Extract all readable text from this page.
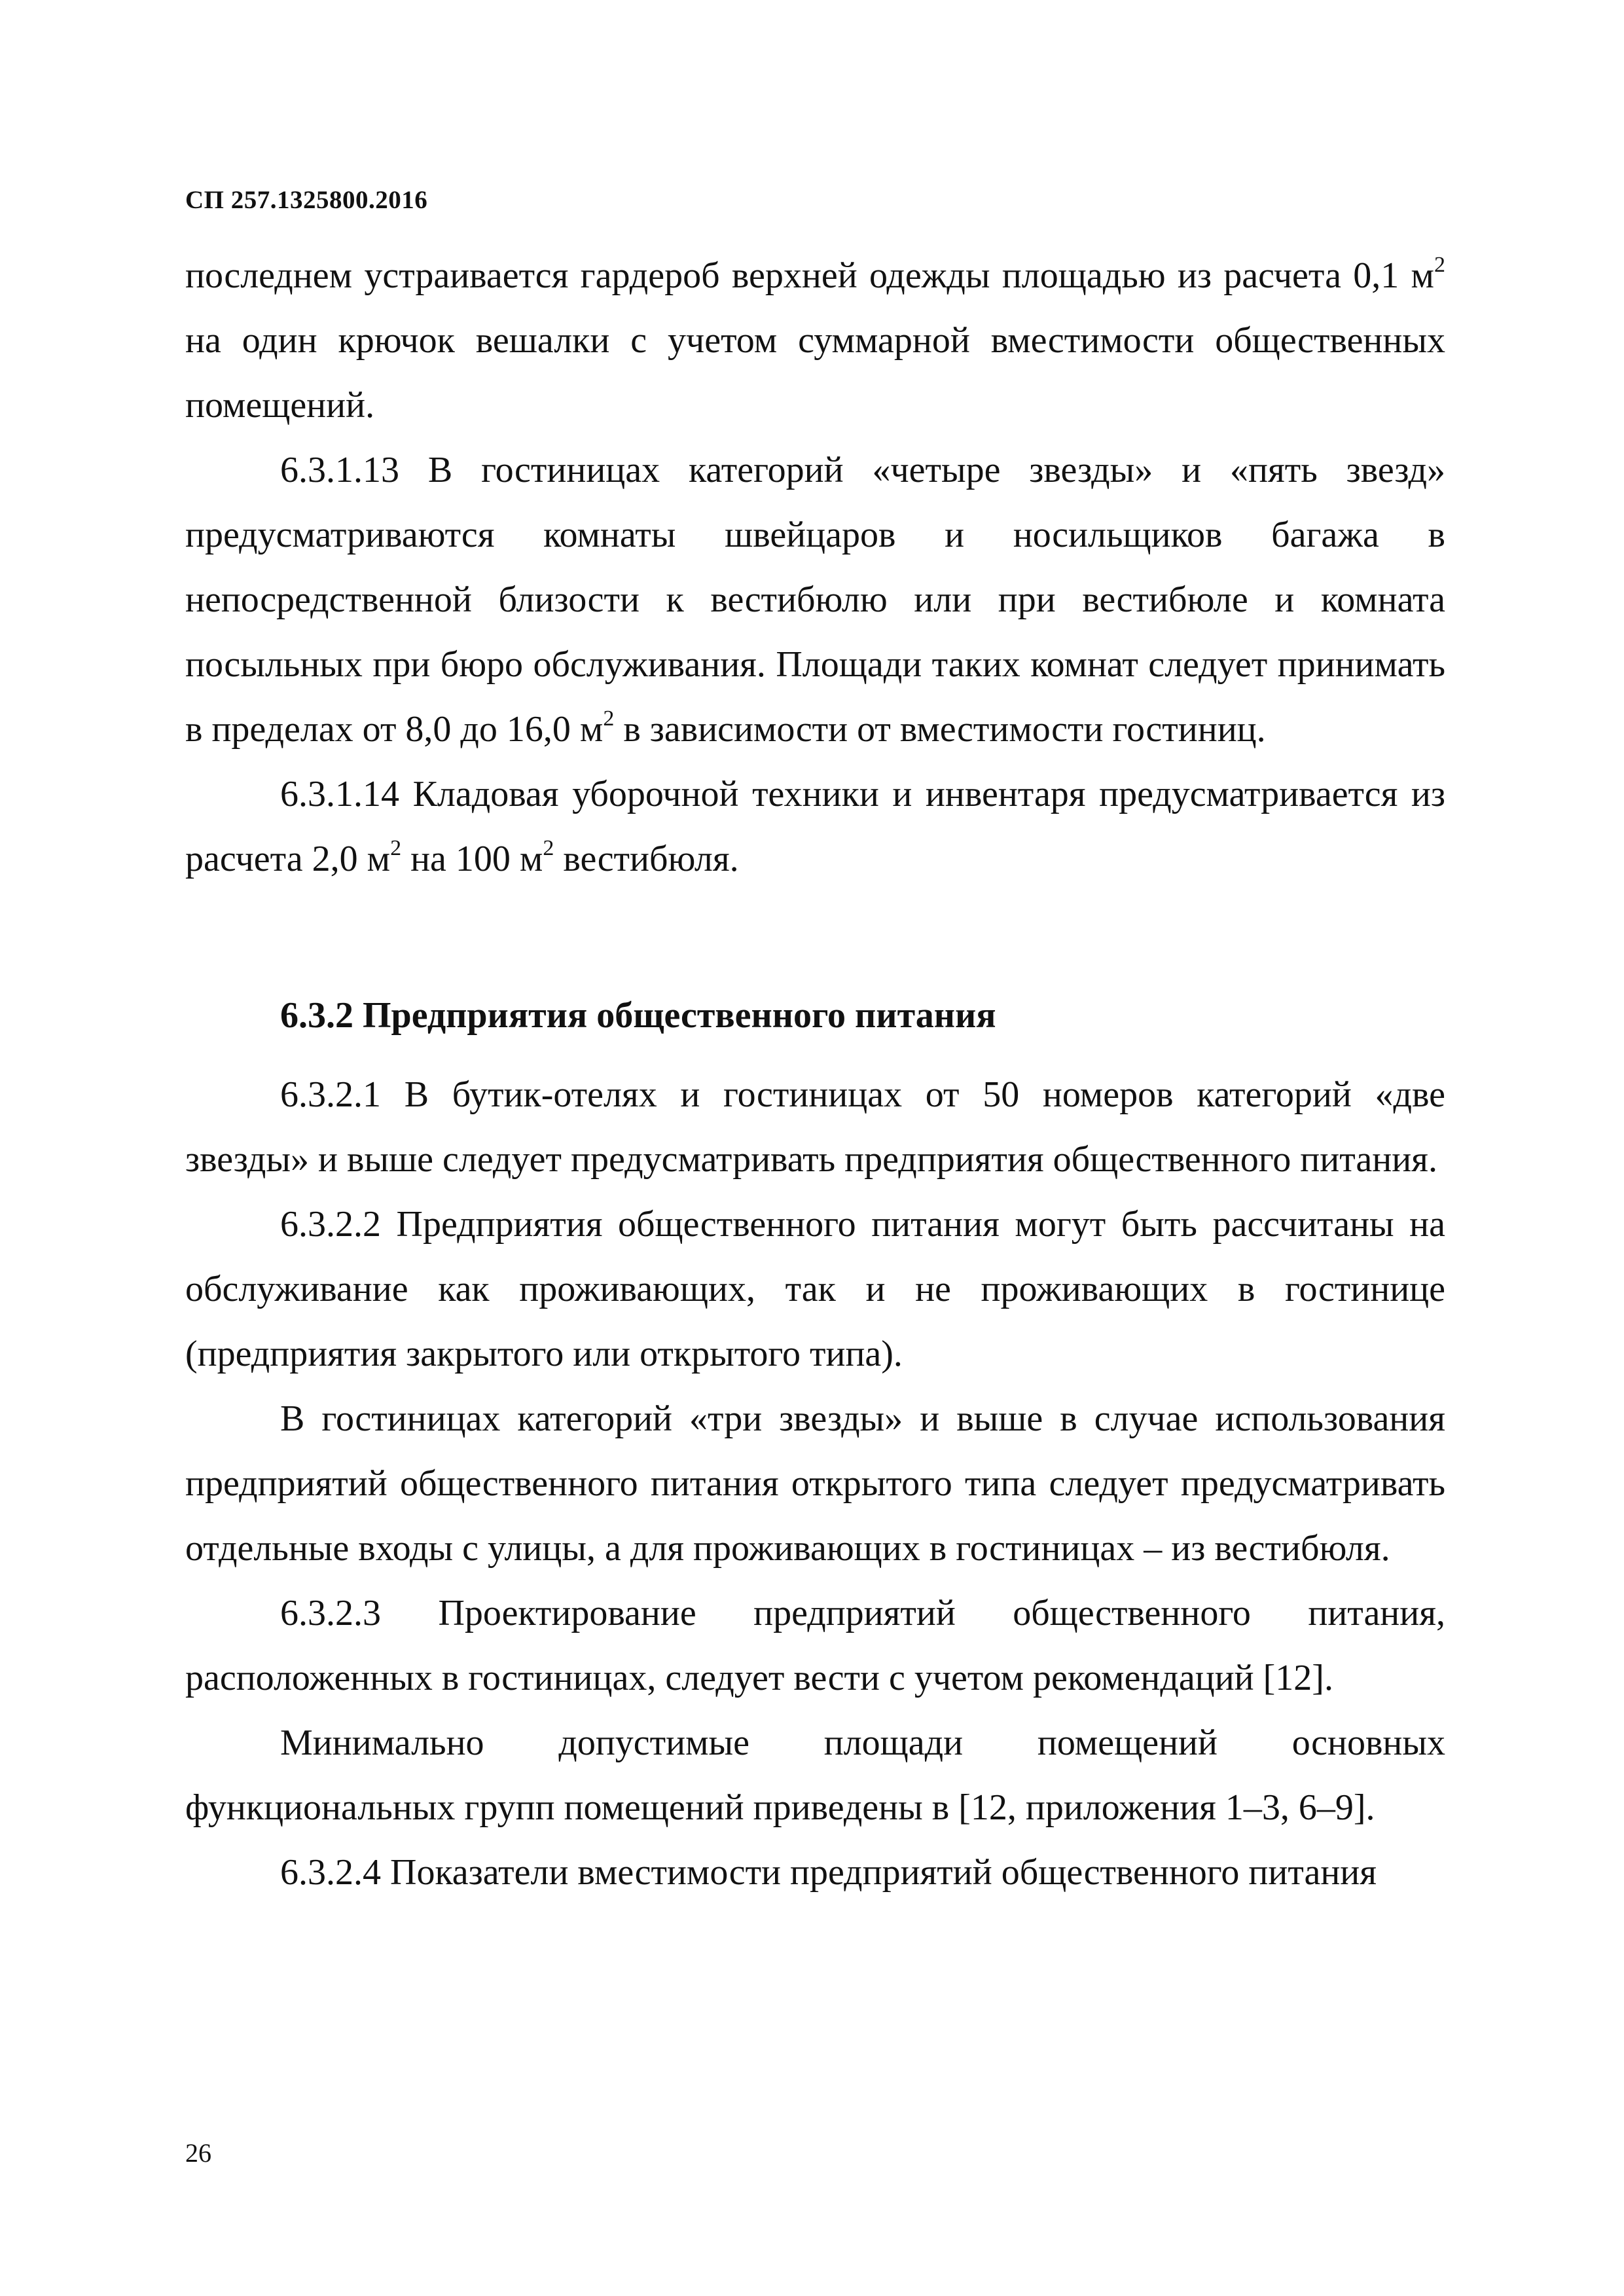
СП 257.1325800.2016

последнем устраивается гардероб верхней одежды площадью из расчета 0,1 $м^2$ на один крючок вешалки с учетом суммарной вместимости общественных помещений.

6.3.1.13 В гостиницах категорий «четыре звезды» и «пять звезд» предусматриваются комнаты швейцаров и носильщиков багажа в непосредственной близости к вестибюлю или при вестибюле и комната посыльных при бюро обслуживания. Площади таких комнат следует принимать в пределах от 8,0 до 16,0 $м^2$ в зависимости от вместимости гостиниц.

6.3.1.14 Кладовая уборочной техники и инвентаря предусматривается из расчета 2,0 $м^2$ на 100 $м^2$ вестибюля.

6.3.2 Предприятия общественного питания

6.3.2.1 В бутик-отелях и гостиницах от 50 номеров категорий «две звезды» и выше следует предусматривать предприятия общественного питания.

6.3.2.2 Предприятия общественного питания могут быть рассчитаны на обслуживание как проживающих, так и не проживающих в гостинице (предприятия закрытого или открытого типа).

В гостиницах категорий «три звезды» и выше в случае использования предприятий общественного питания открытого типа следует предусматривать отдельные входы с улицы, а для проживающих в гостиницах – из вестибюля.

6.3.2.3 Проектирование предприятий общественного питания, расположенных в гостиницах, следует вести с учетом рекомендаций [12].

Минимально допустимые площади помещений основных функциональных групп помещений приведены в [12, приложения 1–3, 6–9].

6.3.2.4 Показатели вместимости предприятий общественного питания

26
